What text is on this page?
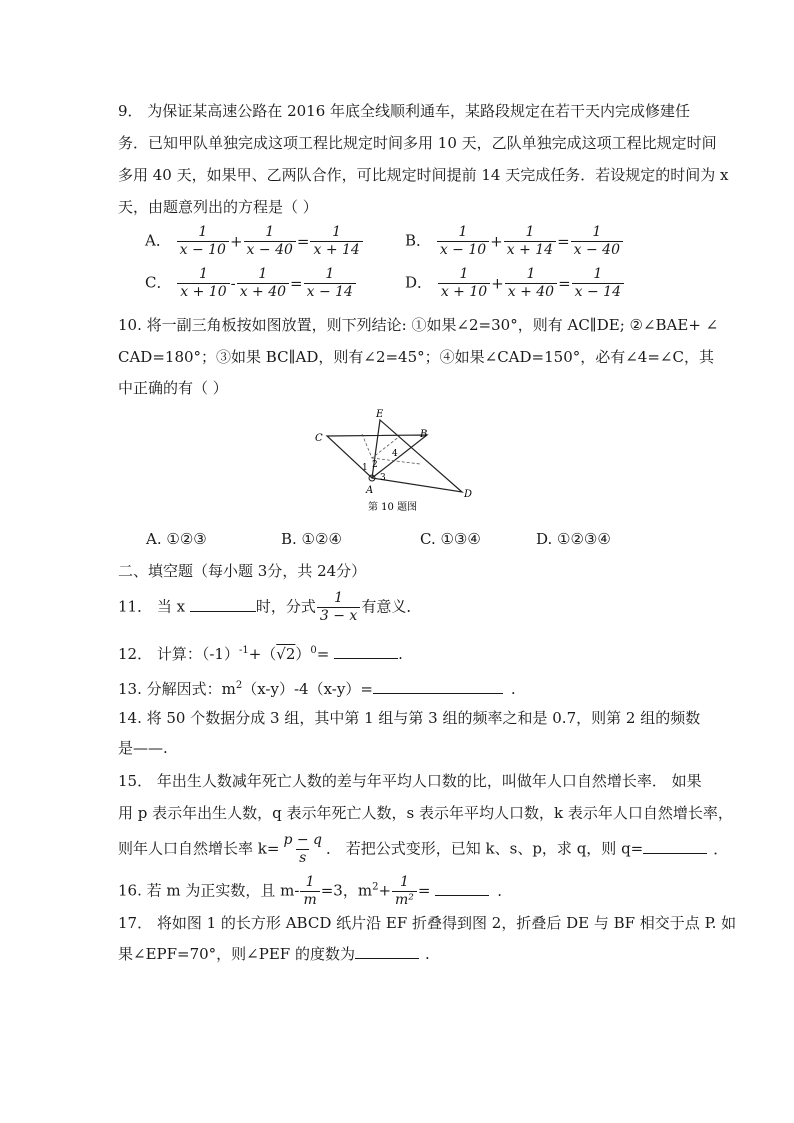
9． 为保证某高速公路在 2016 年底全线顺利通车，某路段规定在若干天内完成修建任
务．已知甲队单独完成这项工程比规定时间多用 10 天，乙队单独完成这项工程比规定时间
多用 40 天，如果甲、乙两队合作，可比规定时间提前 14 天完成任务．若设规定的时间为 x
天，由题意列出的方程是（ ）
A． $\frac{1}{x - 10} + \frac{1}{x - 40} = \frac{1}{x + 14}$	B． $\frac{1}{x - 10} + \frac{1}{x + 14} = \frac{1}{x - 40}$
C． $\frac{1}{x + 10} - \frac{1}{x + 40} = \frac{1}{x - 14}$	D． $\frac{1}{x + 10} + \frac{1}{x + 40} = \frac{1}{x - 14}$
10. 将一副三角板按如图放置，则下列结论: ①如果∠2=30°，则有 AC∥DE; ②∠BAE+ ∠
CAD=180°；③如果 BC∥AD，则有∠2=45°；④如果∠CAD=150°，必有∠4=∠C，其
中正确的有（ ）
E
B
C
A	D
1 2
3
4
第 10 题图
A. ①②③	B. ①②④	C. ①③④	D. ①②③④
二、填空题（每小题 3分，共 24分）
11． 当 x	时，分式 $\frac{1}{3 - x}$ 有意义．
12． 计算：$(-1)^{-1}+(√2)^0=$	.
13. 分解因式：$m^2(x-y)-4(x-y)=$	.
14. 将 50 个数据分成 3 组，其中第 1 组与第 3 组的频率之和是 0.7，则第 2 组的频数
是——.
15． 年出生人数减年死亡人数的差与年平均人口数的比，叫做年人口自然增长率． 如果
用 p 表示年出生人数，q 表示年死亡人数，s 表示年平均人口数，k 表示年人口自然增长率，
则年人口自然增长率 $k= \frac{p - q}{s}$ ． 若把公式变形，已知 k、s、p，求 q，则 q=	．
16. 若 m 为正实数，且 $m- \frac{1}{m} =3$，$m^2+ \frac{1}{\text{m²}}$ =	.
17． 将如图 1 的长方形 ABCD 纸片沿 EF 折叠得到图 2，折叠后 DE 与 BF 相交于点 P. 如
果∠EPF=70°，则∠PEF 的度数为	.
